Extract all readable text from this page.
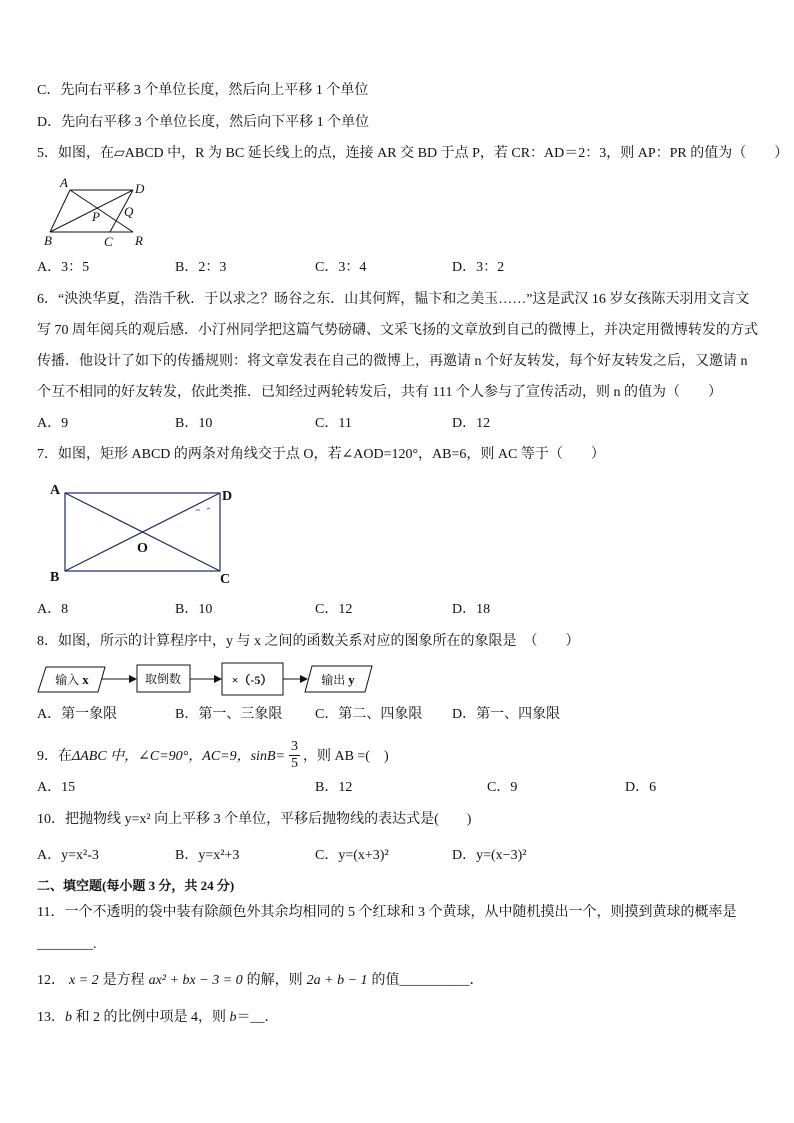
C．先向右平移 3 个单位长度，然后向上平移 1 个单位
D．先向右平移 3 个单位长度，然后向下平移 1 个单位
5．如图，在▱ABCD 中，R 为 BC 延长线上的点，连接 AR 交 BD 于点 P，若 CR：AD＝2：3，则 AP：PR 的值为（　　）
A	D
P Q
B	C R
A．3：5	B．2：3	C．3：4	D．3：2
6．“泱泱华夏，浩浩千秋．于以求之？旸谷之东．山其何辉，韫卞和之美玉……”这是武汉 16 岁女孩陈天羽用文言文
写 70 周年阅兵的观后感．小汀州同学把这篇气势磅礴、文采飞扬的文章放到自己的微博上，并决定用微博转发的方式
传播．他设计了如下的传播规则：将文章发表在自己的微博上，再邀请 n 个好友转发，每个好友转发之后，又邀请 n
个互不相同的好友转发，依此类推．已知经过两轮转发后，共有 111 个人参与了宣传活动，则 n 的值为（　　）
A．9	B．10	C．11	D．12
7．如图，矩形 ABCD 的两条对角线交于点 O，若∠AOD=120°，AB=6，则 AC 等于（　　）
A	D
O
B	C
A．8	B．10	C．12	D．18
8．如图，所示的计算程序中，y 与 x 之间的函数关系对应的图象所在的象限是　（　　）
输入 x	取倒数	×（-5）	输出 y
A．第一象限	B．第一、三象限 C．第二、四象限 D．第一、四象限
9．在 ΔABC 中，∠C=90°，AC=9，$\sin B= \frac{3}{5}$ ，则 AB =(　)
A．15	B．12	C．9	D．6
10．把抛物线 y=x² 向上平移 3 个单位，平移后抛物线的表达式是(　　)
A．y=x²-3	B．y=x²+3	C．y=(x+3)²	D．y=(x−3)²
二、填空题(每小题 3 分，共 24 分)
11．一个不透明的袋中装有除颜色外其余均相同的 5 个红球和 3 个黄球，从中随机摸出一个，则摸到黄球的概率是
________.
12． x = 2 是方程 ax² + bx − 3 = 0 的解，则 2a + b − 1 的值__________．
13．b 和 2 的比例中项是 4，则 b＝__．
